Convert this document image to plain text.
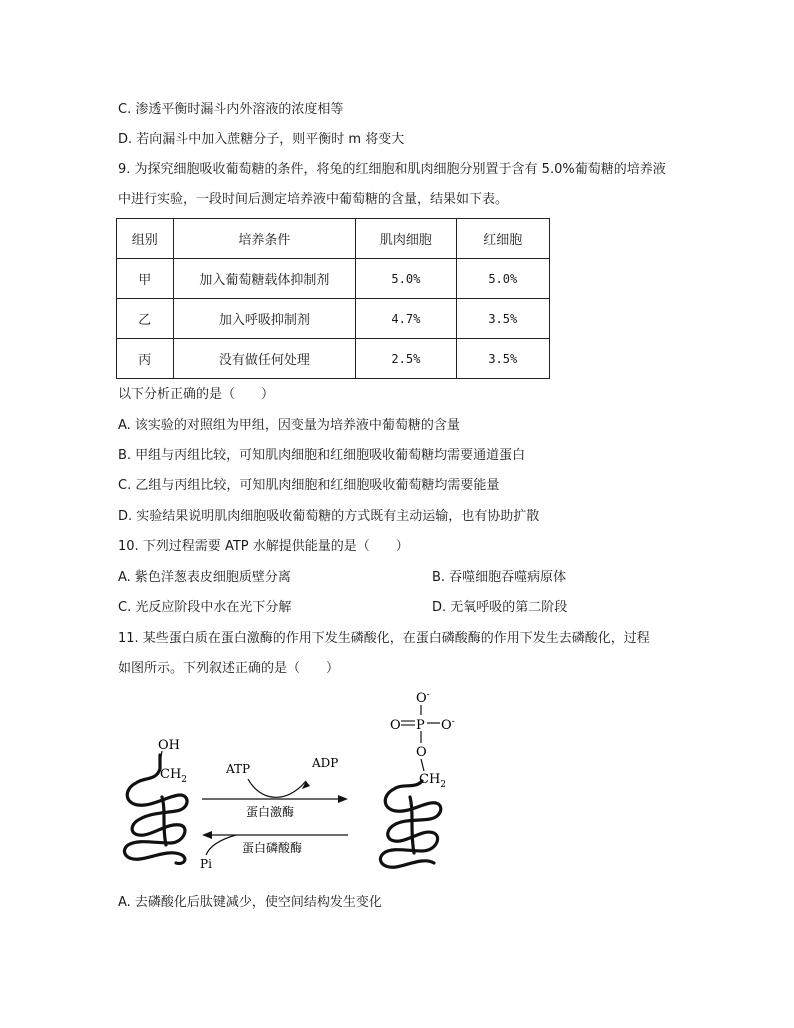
C. 渗透平衡时漏斗内外溶液的浓度相等
D. 若向漏斗中加入蔗糖分子，则平衡时 m 将变大
9. 为探究细胞吸收葡萄糖的条件，将兔的红细胞和肌肉细胞分别置于含有 5.0%葡萄糖的培养液
中进行实验，一段时间后测定培养液中葡萄糖的含量，结果如下表。
组别	培养条件	肌肉细胞	红细胞
甲	加入葡萄糖载体抑制剂	5.0%	5.0%
乙	加入呼吸抑制剂	4.7%	3.5%
丙	没有做任何处理	2.5%	3.5%
以下分析正确的是（　　）
A. 该实验的对照组为甲组，因变量为培养液中葡萄糖的含量
B. 甲组与丙组比较，可知肌肉细胞和红细胞吸收葡萄糖均需要通道蛋白
C. 乙组与丙组比较，可知肌肉细胞和红细胞吸收葡萄糖均需要能量
D. 实验结果说明肌肉细胞吸收葡萄糖的方式既有主动运输，也有协助扩散
10. 下列过程需要 ATP 水解提供能量的是（　　）
A. 紫色洋葱表皮细胞质壁分离	B. 吞噬细胞吞噬病原体
C. 光反应阶段中水在光下分解	D. 无氧呼吸的第二阶段
11. 某些蛋白质在蛋白激酶的作用下发生磷酸化，在蛋白磷酸酶的作用下发生去磷酸化，过程
如图所示。下列叙述正确的是（　　）
OH
$CH_2$
ATP	ADP
蛋白激酶
蛋白磷酸酶
Pi
O-
O P O-
O
$CH_2$
A. 去磷酸化后肽键减少，使空间结构发生变化
